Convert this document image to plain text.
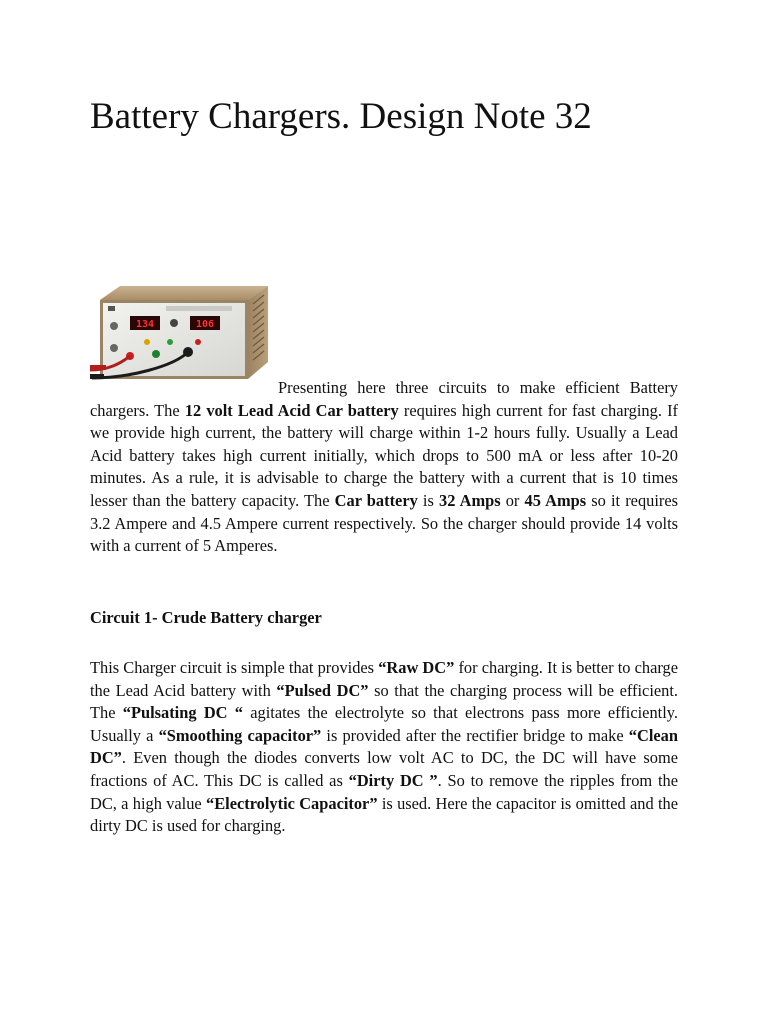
Battery Chargers. Design Note 32
134	106

Presenting here three circuits to make efficient Battery chargers. The 12 volt Lead Acid Car battery requires high current for fast charging. If we provide high current, the battery will charge within 1-2 hours fully. Usually a Lead Acid battery takes high current initially, which drops to 500 mA or less after 10-20 minutes. As a rule, it is advisable to charge the battery with a current that is 10 times lesser than the battery capacity. The Car battery is 32 Amps or 45 Amps so it requires 3.2 Ampere and 4.5 Ampere current respectively. So the charger should provide 14 volts with a current of 5 Amperes.

Circuit 1- Crude Battery charger

This Charger circuit is simple that provides “Raw DC” for charging. It is better to charge the Lead Acid battery with “Pulsed DC” so that the charging process will be efficient. The “Pulsating DC “ agitates the electrolyte so that electrons pass more efficiently. Usually a “Smoothing capacitor” is provided after the rectifier bridge to make “Clean DC”. Even though the diodes converts low volt AC to DC, the DC will have some fractions of AC. This DC is called as “Dirty DC ”. So to remove the ripples from the DC, a high value “Electrolytic Capacitor” is used. Here the capacitor is omitted and the dirty DC is used for charging.
